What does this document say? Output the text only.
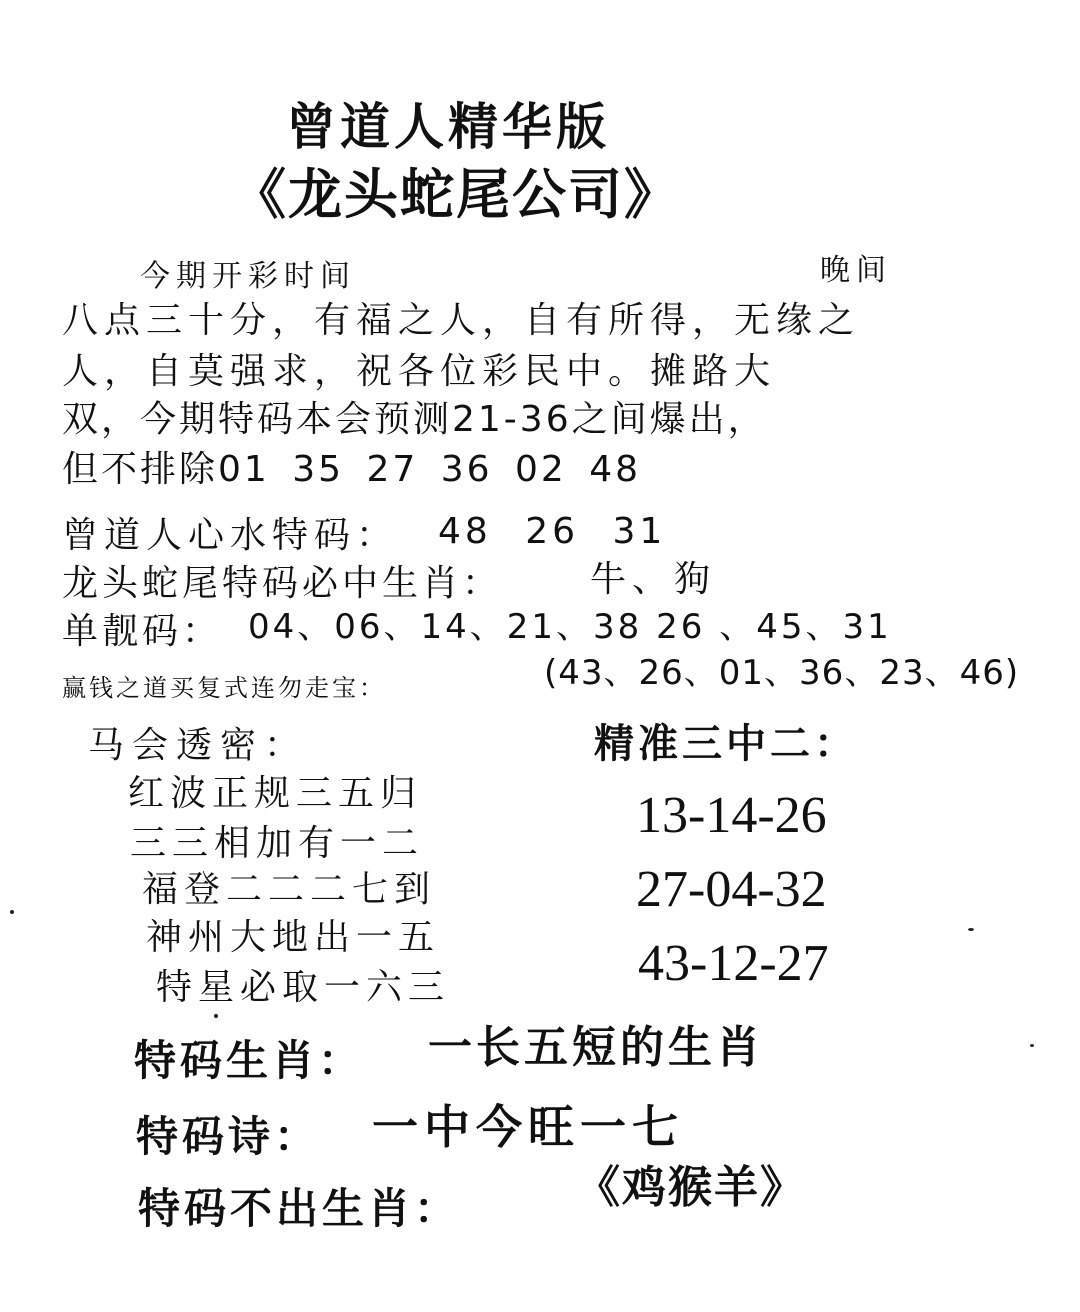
曾道人精华版
《龙头蛇尾公司》
今期开彩时间	晚间
八点三十分，有福之人，自有所得，无缘之
人，自莫强求，祝各位彩民中。摊路大
双，今期特码本会预测21-36之间爆出，
但不排除01 35 27 36 02 48
曾道人心水特码： 48 26 31
龙头蛇尾特码必中生肖： 牛、狗
单靓码： 04、06、14、21、38 26 、45、31
赢钱之道买复式连勿走宝：	(43、26、01、36、23、46)
马会透密：
红波正规三五归
三三相加有一二
福登二二二七到
神州大地出一五
特星必取一六三
精准三中二：
13-14-26
27-04-32
43-12-27
特码生肖： 一长五短的生肖
特码诗： 一中今旺一七
特码不出生肖：	《鸡猴羊》
